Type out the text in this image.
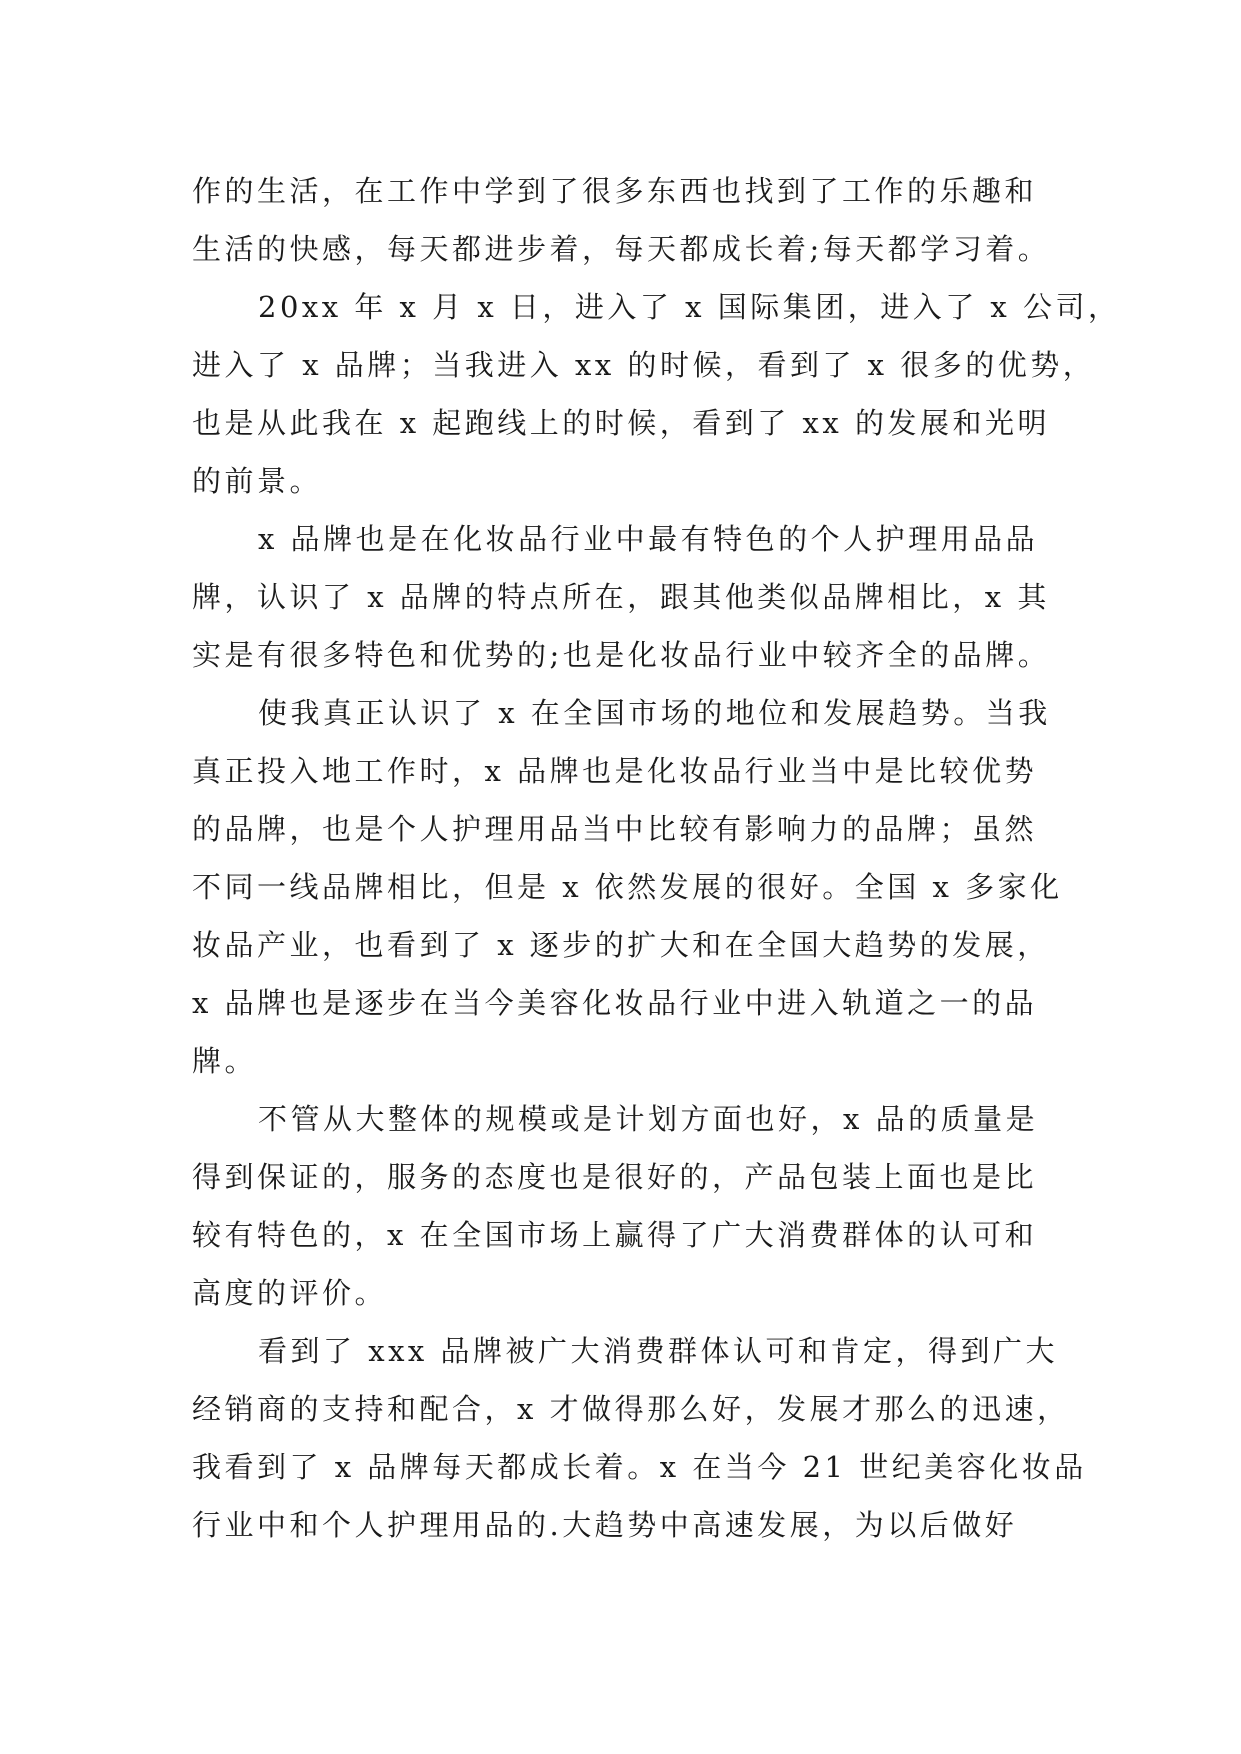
作的生活，在工作中学到了很多东西也找到了工作的乐趣和
生活的快感，每天都进步着，每天都成长着;每天都学习着。
20xx 年 x 月 x 日，进入了 x 国际集团，进入了 x 公司，
进入了 x 品牌；当我进入 xx 的时候，看到了 x 很多的优势，
也是从此我在 x 起跑线上的时候，看到了 xx 的发展和光明
的前景。
x 品牌也是在化妆品行业中最有特色的个人护理用品品
牌，认识了 x 品牌的特点所在，跟其他类似品牌相比，x 其
实是有很多特色和优势的;也是化妆品行业中较齐全的品牌。
使我真正认识了 x 在全国市场的地位和发展趋势。当我
真正投入地工作时，x 品牌也是化妆品行业当中是比较优势
的品牌，也是个人护理用品当中比较有影响力的品牌；虽然
不同一线品牌相比，但是 x 依然发展的很好。全国 x 多家化
妆品产业，也看到了 x 逐步的扩大和在全国大趋势的发展，
x 品牌也是逐步在当今美容化妆品行业中进入轨道之一的品
牌。
不管从大整体的规模或是计划方面也好，x 品的质量是
得到保证的，服务的态度也是很好的，产品包装上面也是比
较有特色的，x 在全国市场上赢得了广大消费群体的认可和
高度的评价。
看到了 xxx 品牌被广大消费群体认可和肯定，得到广大
经销商的支持和配合，x 才做得那么好，发展才那么的迅速，
我看到了 x 品牌每天都成长着。x 在当今 21 世纪美容化妆品
行业中和个人护理用品的.大趋势中高速发展，为以后做好
